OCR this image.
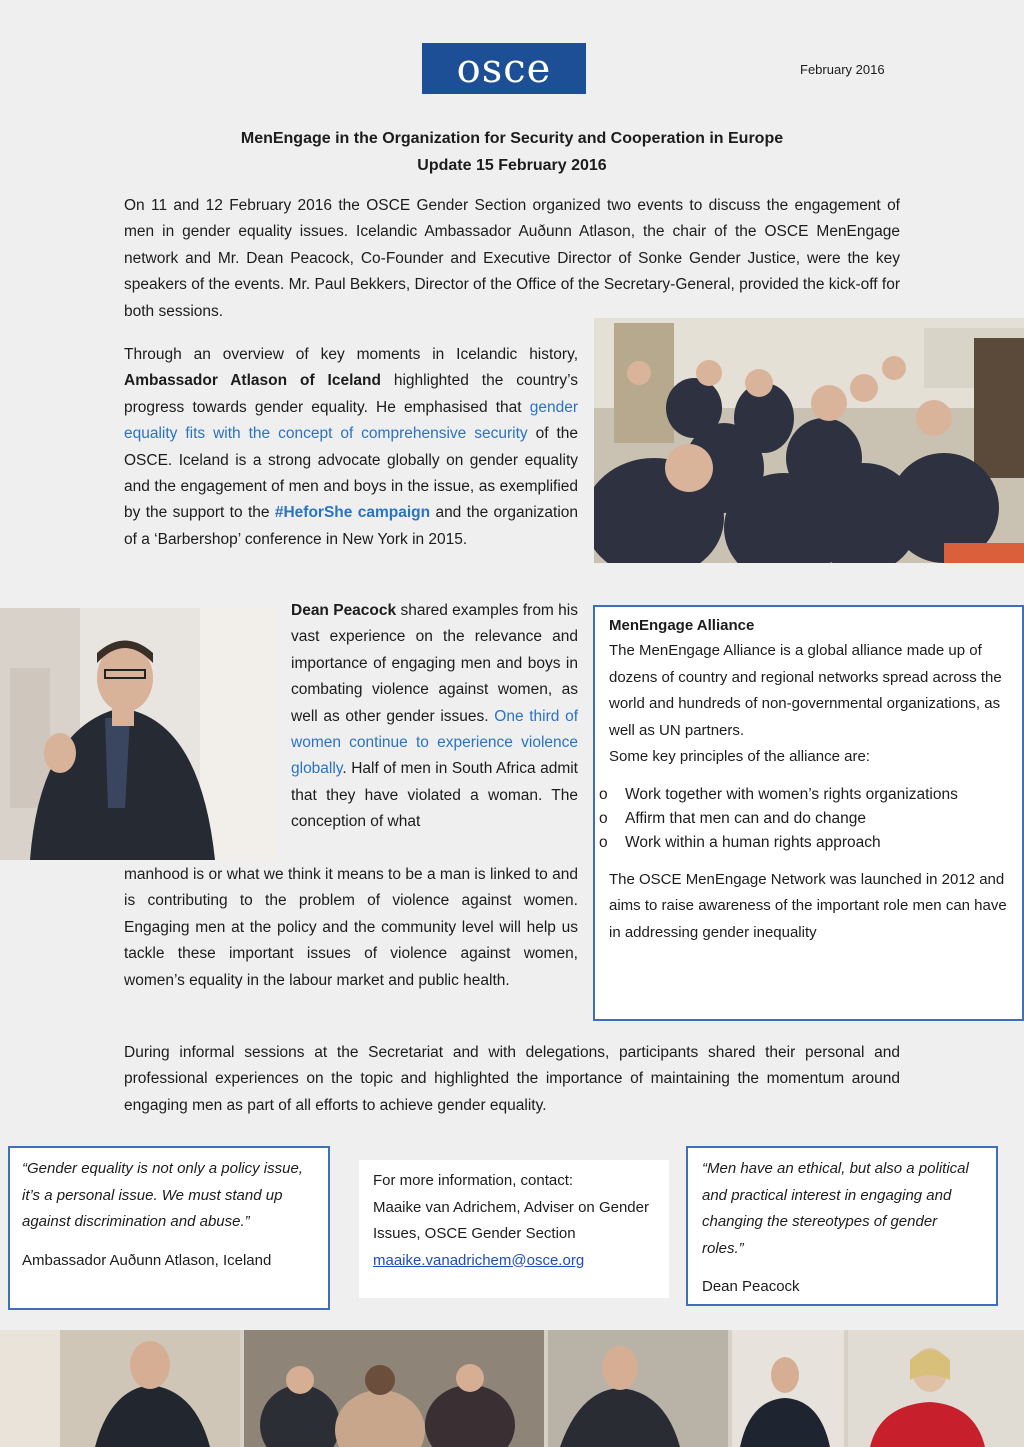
osce	February 2016
MenEngage in the Organization for Security and Cooperation in Europe
Update 15 February 2016
On 11 and 12 February 2016 the OSCE Gender Section organized two events to discuss the engagement of men in gender equality issues. Icelandic Ambassador Auðunn Atlason, the chair of the OSCE MenEngage network and Mr. Dean Peacock, Co-Founder and Executive Director of Sonke Gender Justice, were the key speakers of the events. Mr. Paul Bekkers, Director of the Office of the Secretary-General, provided the kick-off for both sessions.
Through an overview of key moments in Icelandic history, Ambassador Atlason of Iceland highlighted the country’s progress towards gender equality. He emphasised that gender equality fits with the concept of comprehensive security of the OSCE. Iceland is a strong advocate globally on gender equality and the engagement of men and boys in the issue, as exemplified by the support to the #HeforShe campaign and the organization of a ‘Barbershop’ conference in New York in 2015.
Dean Peacock shared examples from his vast experience on the relevance and importance of engaging men and boys in combating violence against women, as well as other gender issues. One third of women continue to experience violence globally. Half of men in South Africa admit that they have violated a woman. The conception of what
manhood is or what we think it means to be a man is linked to and is contributing to the problem of violence against women. Engaging men at the policy and the community level will help us tackle these important issues of violence against women, women’s equality in the labour market and public health.
MenEngage Alliance

The MenEngage Alliance is a global alliance made up of dozens of country and regional networks spread across the world and hundreds of non-governmental organizations, as well as UN partners.

Some key principles of the alliance are:

o Work together with women’s rights organizations
o Affirm that men can and do change
o Work within a human rights approach

The OSCE MenEngage Network was launched in 2012 and aims to raise awareness of the important role men can have in addressing gender inequality

During informal sessions at the Secretariat and with delegations, participants shared their personal and professional experiences on the topic and highlighted the importance of maintaining the momentum around engaging men as part of all efforts to achieve gender equality.
“Gender equality is not only a policy issue, it’s a personal issue. We must stand up against discrimination and abuse.”
Ambassador Auðunn Atlason, Iceland
For more information, contact:
Maaike van Adrichem, Adviser on Gender Issues, OSCE Gender Section
maaike.vanadrichem@osce.org
“Men have an ethical, but also a political and practical interest in engaging and changing the stereotypes of gender roles.”
Dean Peacock
